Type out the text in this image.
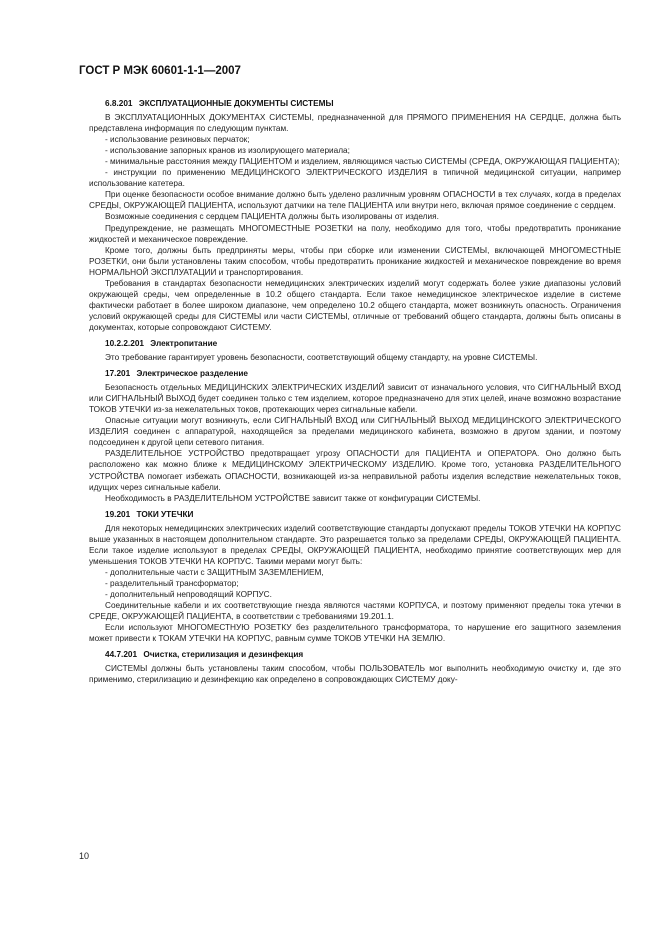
ГОСТ Р МЭК 60601-1-1—2007
6.8.201 ЭКСПЛУАТАЦИОННЫЕ ДОКУМЕНТЫ СИСТЕМЫ

В ЭКСПЛУАТАЦИОННЫХ ДОКУМЕНТАХ СИСТЕМЫ, предназначенной для ПРЯМОГО ПРИМЕНЕНИЯ НА СЕРДЦЕ, должна быть представлена информация по следующим пунктам.

- использование резиновых перчаток;

- использование запорных кранов из изолирующего материала;

- минимальные расстояния между ПАЦИЕНТОМ и изделием, являющимся частью СИСТЕМЫ (СРЕДА, ОКРУЖАЮЩАЯ ПАЦИЕНТА);

- инструкции по применению МЕДИЦИНСКОГО ЭЛЕКТРИЧЕСКОГО ИЗДЕЛИЯ в типичной медицинской ситуации, например использование катетера.

При оценке безопасности особое внимание должно быть уделено различным уровням ОПАСНОСТИ в тех случаях, когда в пределах СРЕДЫ, ОКРУЖАЮЩЕЙ ПАЦИЕНТА, используют датчики на теле ПАЦИЕНТА или внутри него, включая прямое соединение с сердцем.

Возможные соединения с сердцем ПАЦИЕНТА должны быть изолированы от изделия.

Предупреждение, не размещать МНОГОМЕСТНЫЕ РОЗЕТКИ на полу, необходимо для того, чтобы предотвратить проникание жидкостей и механическое повреждение.

Кроме того, должны быть предприняты меры, чтобы при сборке или изменении СИСТЕМЫ, включающей МНОГОМЕСТНЫЕ РОЗЕТКИ, они были установлены таким способом, чтобы предотвратить проникание жидкостей и механическое повреждение во время НОРМАЛЬНОЙ ЭКСПЛУАТАЦИИ и транспортирования.

Требования в стандартах безопасности немедицинских электрических изделий могут содержать более узкие диапазоны условий окружающей среды, чем определенные в 10.2 общего стандарта. Если такое немедицинское электрическое изделие в системе фактически работает в более широком диапазоне, чем определено 10.2 общего стандарта, может возникнуть опасность. Ограничения условий окружающей среды для СИСТЕМЫ или части СИСТЕМЫ, отличные от требований общего стандарта, должны быть описаны в документах, которые сопровождают СИСТЕМУ.

10.2.2.201 Электропитание

Это требование гарантирует уровень безопасности, соответствующий общему стандарту, на уровне СИСТЕМЫ.

17.201 Электрическое разделение

Безопасность отдельных МЕДИЦИНСКИХ ЭЛЕКТРИЧЕСКИХ ИЗДЕЛИЙ зависит от изначального условия, что СИГНАЛЬНЫЙ ВХОД или СИГНАЛЬНЫЙ ВЫХОД будет соединен только с тем изделием, которое предназначено для этих целей, иначе возможно возрастание ТОКОВ УТЕЧКИ из-за нежелательных токов, протекающих через сигнальные кабели.

Опасные ситуации могут возникнуть, если СИГНАЛЬНЫЙ ВХОД или СИГНАЛЬНЫЙ ВЫХОД МЕДИЦИНСКОГО ЭЛЕКТРИЧЕСКОГО ИЗДЕЛИЯ соединен с аппаратурой, находящейся за пределами медицинского кабинета, возможно в другом здании, и поэтому подсоединен к другой цепи сетевого питания.

РАЗДЕЛИТЕЛЬНОЕ УСТРОЙСТВО предотвращает угрозу ОПАСНОСТИ для ПАЦИЕНТА и ОПЕРАТОРА. Оно должно быть расположено как можно ближе к МЕДИЦИНСКОМУ ЭЛЕКТРИЧЕСКОМУ ИЗДЕЛИЮ. Кроме того, установка РАЗДЕЛИТЕЛЬНОГО УСТРОЙСТВА помогает избежать ОПАСНОСТИ, возникающей из-за неправильной работы изделия вследствие нежелательных токов, идущих через сигнальные кабели.

Необходимость в РАЗДЕЛИТЕЛЬНОМ УСТРОЙСТВЕ зависит также от конфигурации СИСТЕМЫ.

19.201 ТОКИ УТЕЧКИ

Для некоторых немедицинских электрических изделий соответствующие стандарты допускают пределы ТОКОВ УТЕЧКИ НА КОРПУС выше указанных в настоящем дополнительном стандарте. Это разрешается только за пределами СРЕДЫ, ОКРУЖАЮЩЕЙ ПАЦИЕНТА. Если такое изделие используют в пределах СРЕДЫ, ОКРУЖАЮЩЕЙ ПАЦИЕНТА, необходимо принятие соответствующих мер для уменьшения ТОКОВ УТЕЧКИ НА КОРПУС. Такими мерами могут быть:

- дополнительные части с ЗАЩИТНЫМ ЗАЗЕМЛЕНИЕМ,

- разделительный трансформатор;

- дополнительный непроводящий КОРПУС.

Соединительные кабели и их соответствующие гнезда являются частями КОРПУСА, и поэтому применяют пределы тока утечки в СРЕДЕ, ОКРУЖАЮЩЕЙ ПАЦИЕНТА, в соответствии с требованиями 19.201.1.

Если используют МНОГОМЕСТНУЮ РОЗЕТКУ без разделительного трансформатора, то нарушение его защитного заземления может привести к ТОКАМ УТЕЧКИ НА КОРПУС, равным сумме ТОКОВ УТЕЧКИ НА ЗЕМЛЮ.

44.7.201 Очистка, стерилизация и дезинфекция

СИСТЕМЫ должны быть установлены таким способом, чтобы ПОЛЬЗОВАТЕЛЬ мог выполнить необходимую очистку и, где это применимо, стерилизацию и дезинфекцию как определено в сопровождающих СИСТЕМУ доку-

10
